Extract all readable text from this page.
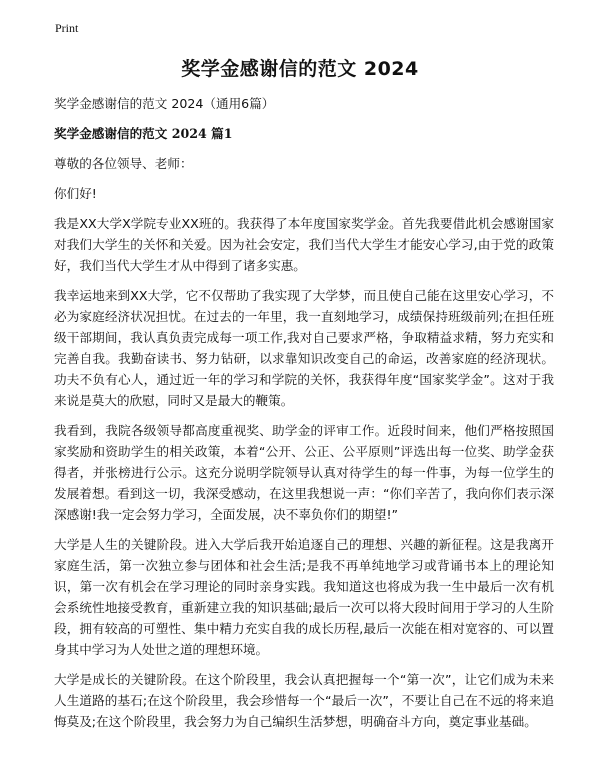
Print
奖学金感谢信的范文 2024
奖学金感谢信的范文 2024（通用6篇）
奖学金感谢信的范文 2024 篇1
尊敬的各位领导、老师：
你们好!

我是XX大学X学院专业XX班的。我获得了本年度国家奖学金。首先我要借此机会感谢国家对我们大学生的关怀和关爱。因为社会安定，我们当代大学生才能安心学习,由于党的政策好，我们当代大学生才从中得到了诸多实惠。

我幸运地来到XX大学，它不仅帮助了我实现了大学梦，而且使自己能在这里安心学习，不必为家庭经济状况担忧。在过去的一年里，我一直刻地学习，成绩保持班级前列;在担任班级干部期间，我认真负责完成每一项工作,我对自己要求严格，争取精益求精，努力充实和完善自我。我勤奋读书、努力钻研，以求靠知识改变自己的命运，改善家庭的经济现状。功夫不负有心人，通过近一年的学习和学院的关怀，我获得年度“国家奖学金”。这对于我来说是莫大的欣慰，同时又是最大的鞭策。

我看到，我院各级领导都高度重视奖、助学金的评审工作。近段时间来，他们严格按照国家奖励和资助学生的相关政策，本着“公开、公正、公平原则”评选出每一位奖、助学金获得者，并张榜进行公示。这充分说明学院领导认真对待学生的每一件事，为每一位学生的发展着想。看到这一切，我深受感动，在这里我想说一声：“你们辛苦了，我向你们表示深深感谢!我一定会努力学习，全面发展，决不辜负你们的期望!”

大学是人生的关键阶段。进入大学后我开始追逐自己的理想、兴趣的新征程。这是我离开家庭生活，第一次独立参与团体和社会生活;是我不再单纯地学习或背诵书本上的理论知识，第一次有机会在学习理论的同时亲身实践。我知道这也将成为我一生中最后一次有机会系统性地接受教育，重新建立我的知识基础;最后一次可以将大段时间用于学习的人生阶段，拥有较高的可塑性、集中精力充实自我的成长历程,最后一次能在相对宽容的、可以置身其中学习为人处世之道的理想环境。

大学是成长的关键阶段。在这个阶段里，我会认真把握每一个“第一次”，让它们成为未来人生道路的基石;在这个阶段里，我会珍惜每一个“最后一次”，不要让自己在不远的将来追悔莫及;在这个阶段里，我会努力为自己编织生活梦想，明确奋斗方向，奠定事业基础。
